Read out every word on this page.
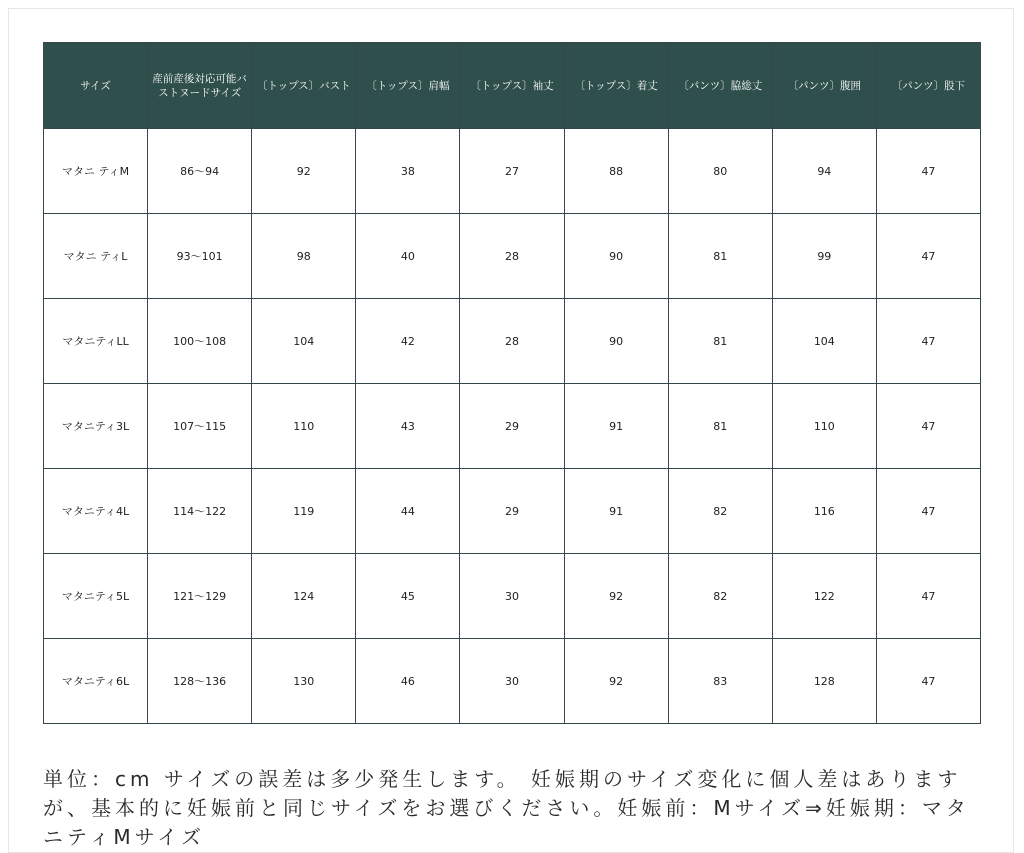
サイズ	産前産後対応可能バストヌードサイズ	〔トップス〕バスト	〔トップス〕肩幅	〔トップス〕袖丈	〔トップス〕着丈	〔パンツ〕脇総丈	〔パンツ〕腹囲	〔パンツ〕股下
マタニ ティM	86～94	92	38	27	88	80	94	47
マタニ ティL	93～101	98	40	28	90	81	99	47
マタニティLL	100～108	104	42	28	90	81	104	47
マタニティ3L	107～115	110	43	29	91	81	110	47
マタニティ4L	114～122	119	44	29	91	82	116	47
マタニティ5L	121～129	124	45	30	92	82	122	47
マタニティ6L	128～136	130	46	30	92	83	128	47
単位：cm サイズの誤差は多少発生します。 妊娠期のサイズ変化に個人差はありますが、基本的に妊娠前と同じサイズをお選びください。妊娠前：Mサイズ⇒妊娠期：マタニティMサイズ
